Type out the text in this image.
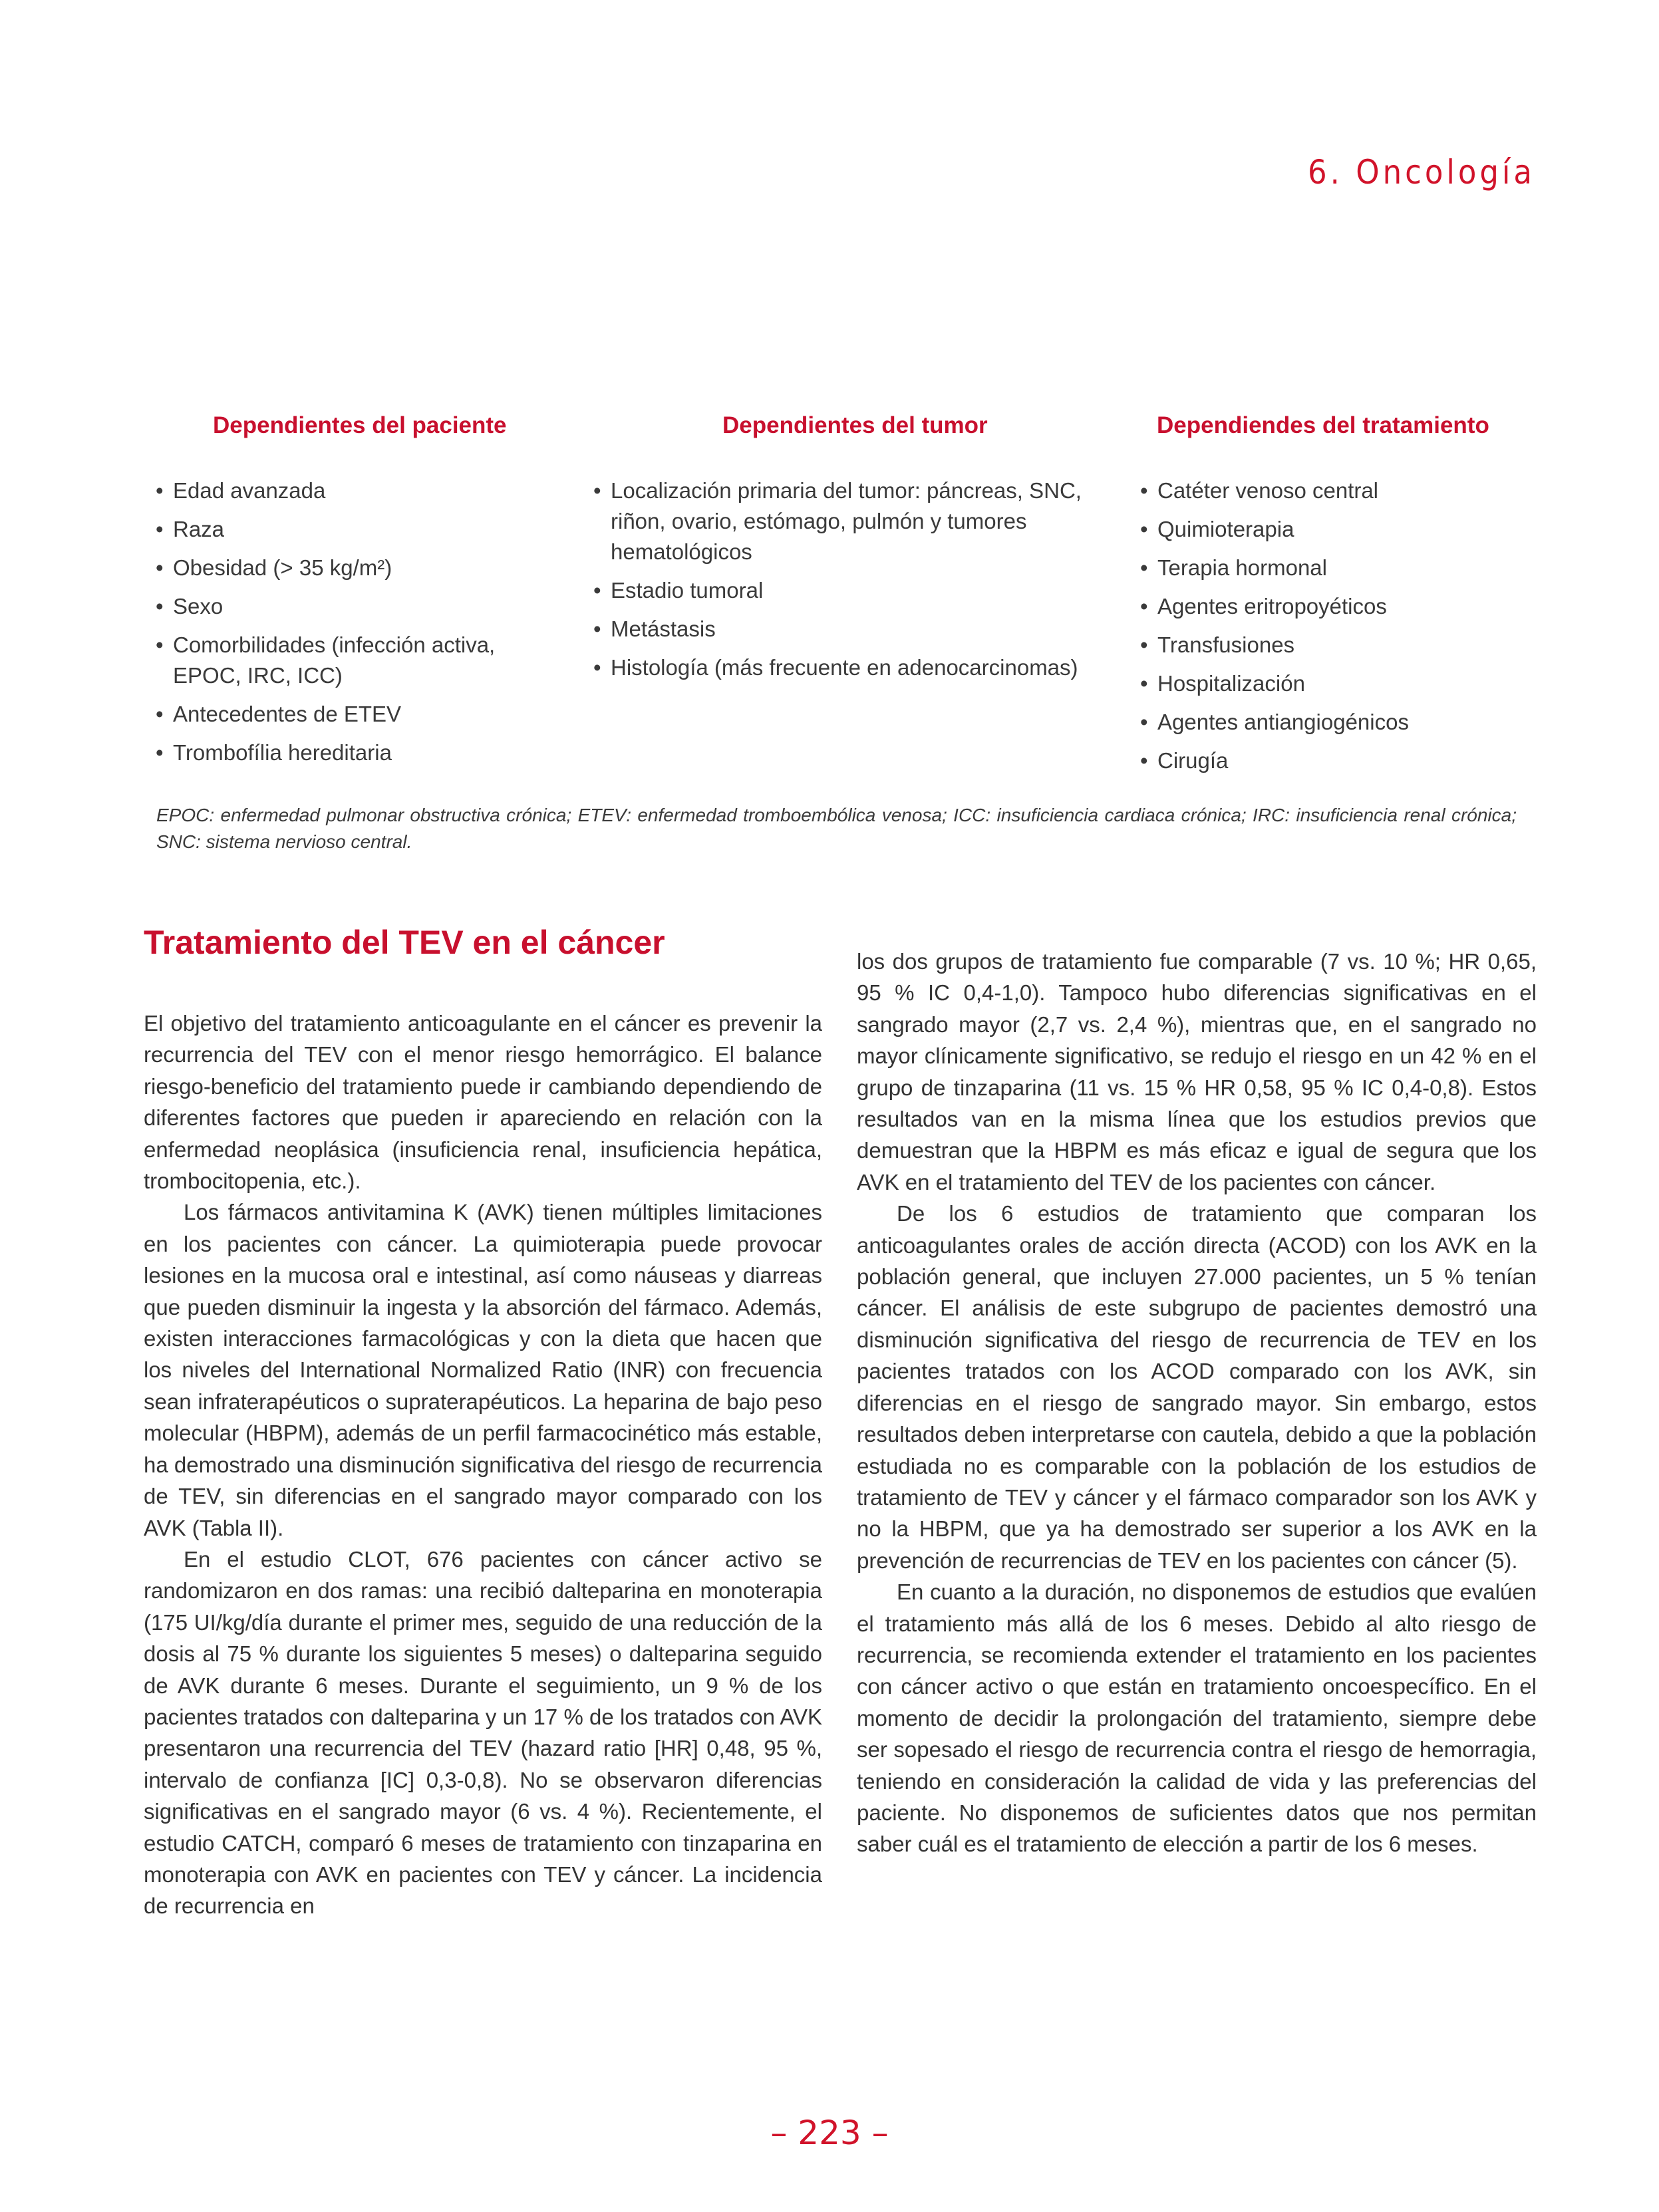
6. Oncología
Dependientes del paciente	Dependientes del tumor	Dependiendes del tratamiento
• Edad avanzada
• Raza
• Obesidad (> 35 kg/m²)
• Sexo
• Comorbilidades (infección activa, EPOC, IRC, ICC)
• Antecedentes de ETEV
• Trombofília hereditaria
• Localización primaria del tumor: páncreas, SNC, riñon, ovario, estómago, pulmón y tumores hematológicos
• Estadio tumoral
• Metástasis
• Histología (más frecuente en adenocarcinomas)
• Catéter venoso central
• Quimioterapia
• Terapia hormonal
• Agentes eritropoyéticos
• Transfusiones
• Hospitalización
• Agentes antiangiogénicos
• Cirugía
EPOC: enfermedad pulmonar obstructiva crónica; ETEV: enfermedad tromboembólica venosa; ICC: insuficiencia cardiaca crónica; IRC: insuficiencia renal crónica; SNC: sistema nervioso central.
Tratamiento del TEV en el cáncer

El objetivo del tratamiento anticoagulante en el cáncer es prevenir la recurrencia del TEV con el menor riesgo hemorrágico. El balance riesgo-beneficio del tratamiento puede ir cambiando dependiendo de diferentes factores que pueden ir apareciendo en relación con la enfermedad neoplásica (insuficiencia renal, insuficiencia hepática, trombocitopenia, etc.).

Los fármacos antivitamina K (AVK) tienen múltiples limitaciones en los pacientes con cáncer. La quimioterapia puede provocar lesiones en la mucosa oral e intestinal, así como náuseas y diarreas que pueden disminuir la ingesta y la absorción del fármaco. Además, existen interacciones farmacológicas y con la dieta que hacen que los niveles del International Normalized Ratio (INR) con frecuencia sean infraterapéuticos o supraterapéuticos. La heparina de bajo peso molecular (HBPM), además de un perfil farmacocinético más estable, ha demostrado una disminución significativa del riesgo de recurrencia de TEV, sin diferencias en el sangrado mayor comparado con los AVK (Tabla II).

En el estudio CLOT, 676 pacientes con cáncer activo se randomizaron en dos ramas: una recibió dalteparina en monoterapia (175 UI/kg/día durante el primer mes, seguido de una reducción de la dosis al 75 % durante los siguientes 5 meses) o dalteparina seguido de AVK durante 6 meses. Durante el seguimiento, un 9 % de los pacientes tratados con dalteparina y un 17 % de los tratados con AVK presentaron una recurrencia del TEV (hazard ratio [HR] 0,48, 95 %, intervalo de confianza [IC] 0,3-0,8). No se observaron diferencias significativas en el sangrado mayor (6 vs. 4 %). Recientemente, el estudio CATCH, comparó 6 meses de tratamiento con tinzaparina en monoterapia con AVK en pacientes con TEV y cáncer. La incidencia de recurrencia en

los dos grupos de tratamiento fue comparable (7 vs. 10 %; HR 0,65, 95 % IC 0,4-1,0). Tampoco hubo diferencias significativas en el sangrado mayor (2,7 vs. 2,4 %), mientras que, en el sangrado no mayor clínicamente significativo, se redujo el riesgo en un 42 % en el grupo de tinzaparina (11 vs. 15 % HR 0,58, 95 % IC 0,4-0,8). Estos resultados van en la misma línea que los estudios previos que demuestran que la HBPM es más eficaz e igual de segura que los AVK en el tratamiento del TEV de los pacientes con cáncer.

De los 6 estudios de tratamiento que comparan los anticoagulantes orales de acción directa (ACOD) con los AVK en la población general, que incluyen 27.000 pacientes, un 5 % tenían cáncer. El análisis de este subgrupo de pacientes demostró una disminución significativa del riesgo de recurrencia de TEV en los pacientes tratados con los ACOD comparado con los AVK, sin diferencias en el riesgo de sangrado mayor. Sin embargo, estos resultados deben interpretarse con cautela, debido a que la población estudiada no es comparable con la población de los estudios de tratamiento de TEV y cáncer y el fármaco comparador son los AVK y no la HBPM, que ya ha demostrado ser superior a los AVK en la prevención de recurrencias de TEV en los pacientes con cáncer (5).

En cuanto a la duración, no disponemos de estudios que evalúen el tratamiento más allá de los 6 meses. Debido al alto riesgo de recurrencia, se recomienda extender el tratamiento en los pacientes con cáncer activo o que están en tratamiento oncoespecífico. En el momento de decidir la prolongación del tratamiento, siempre debe ser sopesado el riesgo de recurrencia contra el riesgo de hemorragia, teniendo en consideración la calidad de vida y las preferencias del paciente. No disponemos de suficientes datos que nos permitan saber cuál es el tratamiento de elección a partir de los 6 meses.

– 223 –
